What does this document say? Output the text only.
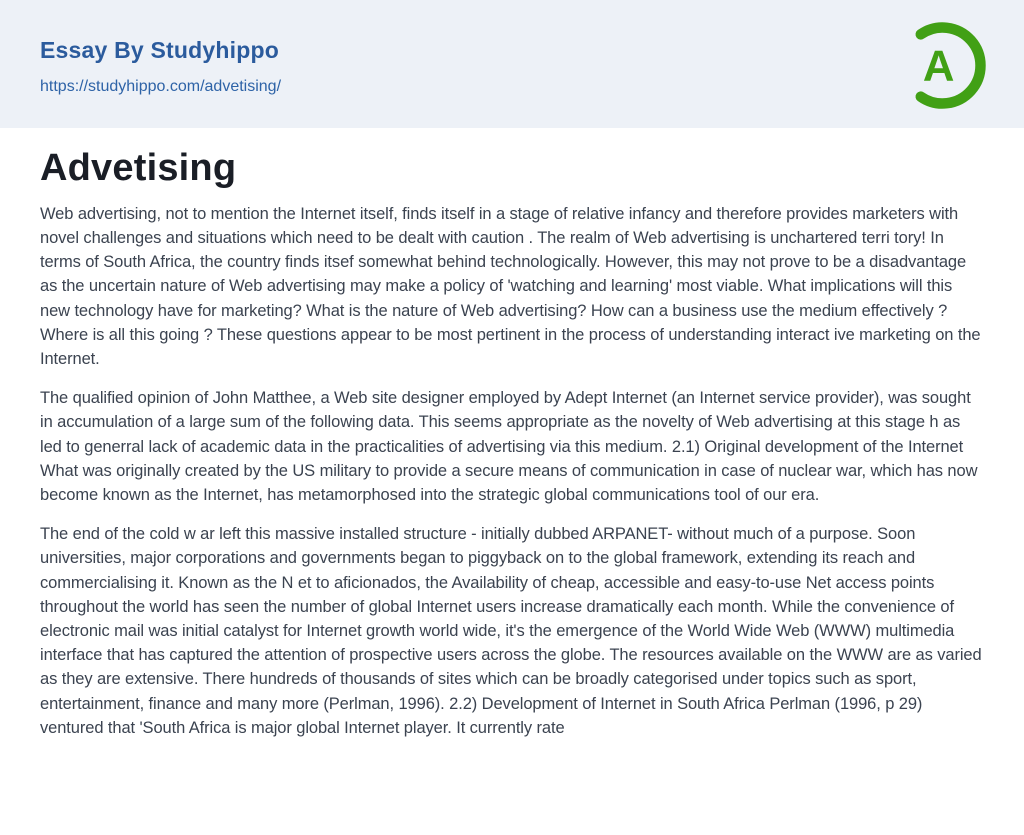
Essay By Studyhippo
https://studyhippo.com/advetising/	A
Advetising

Web advertising, not to mention the Internet itself, finds itself in a stage of relative infancy and therefore provides marketers with novel challenges and situations which need to be dealt with caution . The realm of Web advertising is unchartered terri tory! In terms of South Africa, the country finds itsef somewhat behind technologically. However, this may not prove to be a disadvantage as the uncertain nature of Web advertising may make a policy of 'watching and learning' most viable. What implications will this new technology have for marketing? What is the nature of Web advertising? How can a business use the medium effectively ? Where is all this going ? These questions appear to be most pertinent in the process of understanding interact ive marketing on the Internet.

The qualified opinion of John Matthee, a Web site designer employed by Adept Internet (an Internet service provider), was sought in accumulation of a large sum of the following data. This seems appropriate as the novelty of Web advertising at this stage h as led to generral lack of academic data in the practicalities of advertising via this medium. 2.1) Original development of the Internet What was originally created by the US military to provide a secure means of communication in case of nuclear war, which has now become known as the Internet, has metamorphosed into the strategic global communications tool of our era.

The end of the cold w ar left this massive installed structure - initially dubbed ARPANET- without much of a purpose. Soon universities, major corporations and governments began to piggyback on to the global framework, extending its reach and commercialising it. Known as the N et to aficionados, the Availability of cheap, accessible and easy-to-use Net access points throughout the world has seen the number of global Internet users increase dramatically each month. While the convenience of electronic mail was initial catalyst for Internet growth world wide, it's the emergence of the World Wide Web (WWW) multimedia interface that has captured the attention of prospective users across the globe. The resources available on the WWW are as varied as they are extensive. There hundreds of thousands of sites which can be broadly categorised under topics such as sport, entertainment, finance and many more (Perlman, 1996). 2.2) Development of Internet in South Africa Perlman (1996, p 29) ventured that 'South Africa is major global Internet player. It currently rate
